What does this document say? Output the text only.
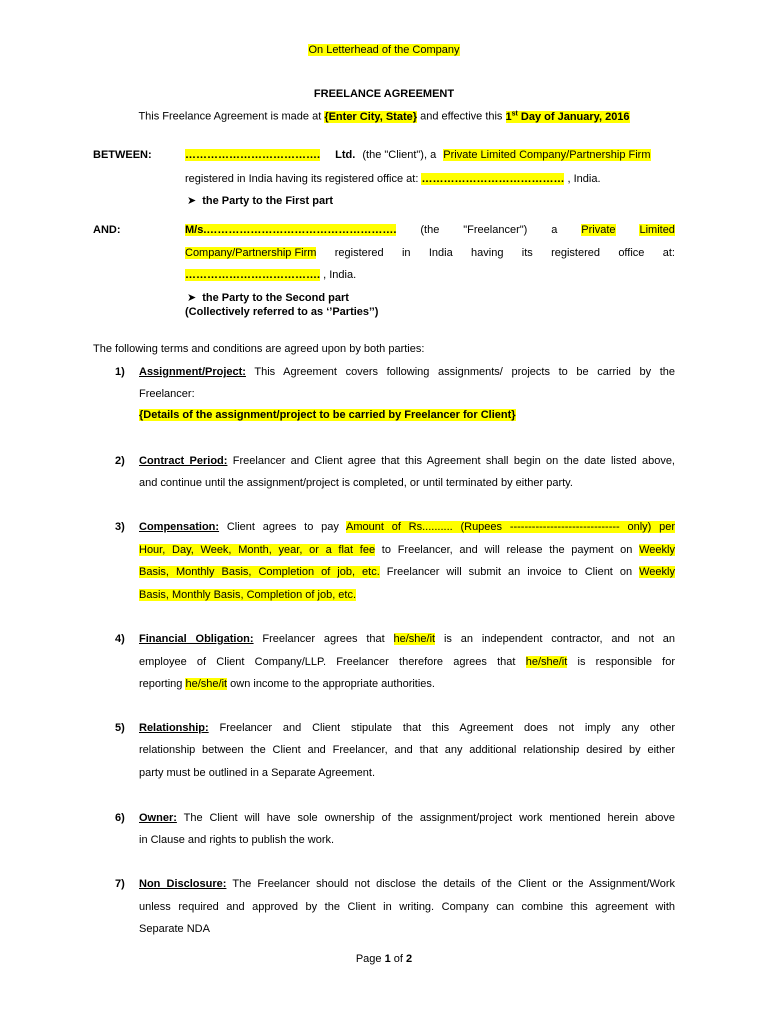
On Letterhead of the Company
FREELANCE AGREEMENT
This Freelance Agreement is made at {Enter City, State} and effective this 1st Day of January, 2016
BETWEEN:	………………………………. Ltd. (the "Client"), a Private Limited Company/Partnership Firm
registered in India having its registered office at: ………………………………… , India.
➤ the Party to the First part
AND:	M/s.……………………………………………. (the "Freelancer") a Private Limited
Company/Partnership Firm registered in India having its registered office at:
………………………………. , India.
➤ the Party to the Second part
(Collectively referred to as ‘’Parties’’)
The following terms and conditions are agreed upon by both parties:
1) Assignment/Project: This Agreement covers following assignments/ projects to be carried by the
Freelancer:
{Details of the assignment/project to be carried by Freelancer for Client}
2) Contract Period: Freelancer and Client agree that this Agreement shall begin on the date listed above,
and continue until the assignment/project is completed, or until terminated by either party.
3) Compensation: Client agrees to pay Amount of Rs.......... (Rupees ------------------------------ only) per
Hour, Day, Week, Month, year, or a flat fee to Freelancer, and will release the payment on Weekly
Basis, Monthly Basis, Completion of job, etc. Freelancer will submit an invoice to Client on Weekly
Basis, Monthly Basis, Completion of job, etc.
4) Financial Obligation: Freelancer agrees that he/she/it is an independent contractor, and not an
employee of Client Company/LLP. Freelancer therefore agrees that he/she/it is responsible for
reporting he/she/it own income to the appropriate authorities.
5) Relationship: Freelancer and Client stipulate that this Agreement does not imply any other
relationship between the Client and Freelancer, and that any additional relationship desired by either
party must be outlined in a Separate Agreement.
6) Owner: The Client will have sole ownership of the assignment/project work mentioned herein above
in Clause and rights to publish the work.
7) Non Disclosure: The Freelancer should not disclose the details of the Client or the Assignment/Work
unless required and approved by the Client in writing. Company can combine this agreement with
Separate NDA
Page 1 of 2
